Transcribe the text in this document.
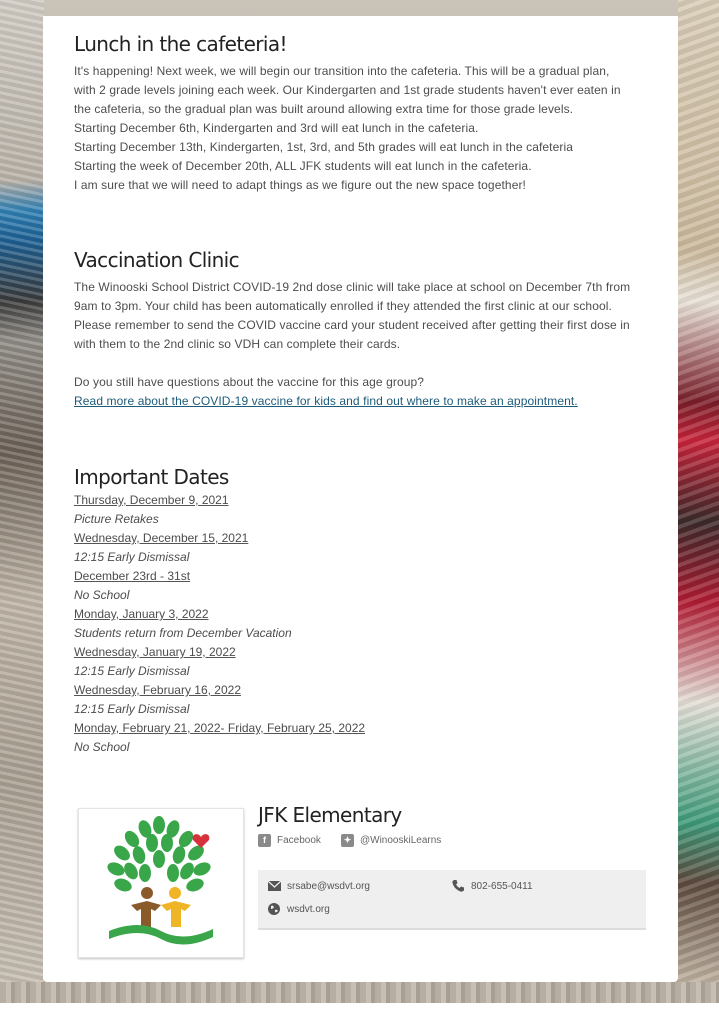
Lunch in the cafeteria!

It's happening! Next week, we will begin our transition into the cafeteria. This will be a gradual plan,

with 2 grade levels joining each week. Our Kindergarten and 1st grade students haven't ever eaten in

the cafeteria, so the gradual plan was built around allowing extra time for those grade levels.

Starting December 6th, Kindergarten and 3rd will eat lunch in the cafeteria.

Starting December 13th, Kindergarten, 1st, 3rd, and 5th grades will eat lunch in the cafeteria

Starting the week of December 20th, ALL JFK students will eat lunch in the cafeteria.

I am sure that we will need to adapt things as we figure out the new space together!

Vaccination Clinic

The Winooski School District COVID-19 2nd dose clinic will take place at school on December 7th from

9am to 3pm. Your child has been automatically enrolled if they attended the first clinic at our school.

Please remember to send the COVID vaccine card your student received after getting their first dose in

with them to the 2nd clinic so VDH can complete their cards.

Do you still have questions about the vaccine for this age group?

Read more about the COVID-19 vaccine for kids and find out where to make an appointment.

Important Dates
Thursday, December 9, 2021
Picture Retakes
Wednesday, December 15, 2021
12:15 Early Dismissal
December 23rd - 31st
No School
Monday, January 3, 2022
Students return from December Vacation
Wednesday, January 19, 2022
12:15 Early Dismissal
Wednesday, February 16, 2022
12:15 Early Dismissal
Monday, February 21, 2022- Friday, February 25, 2022
No School
JFK Elementary
f	Facebook	✦ @WinooskiLearns
srsabe@wsdvt.org	802-655-0411
wsdvt.org
